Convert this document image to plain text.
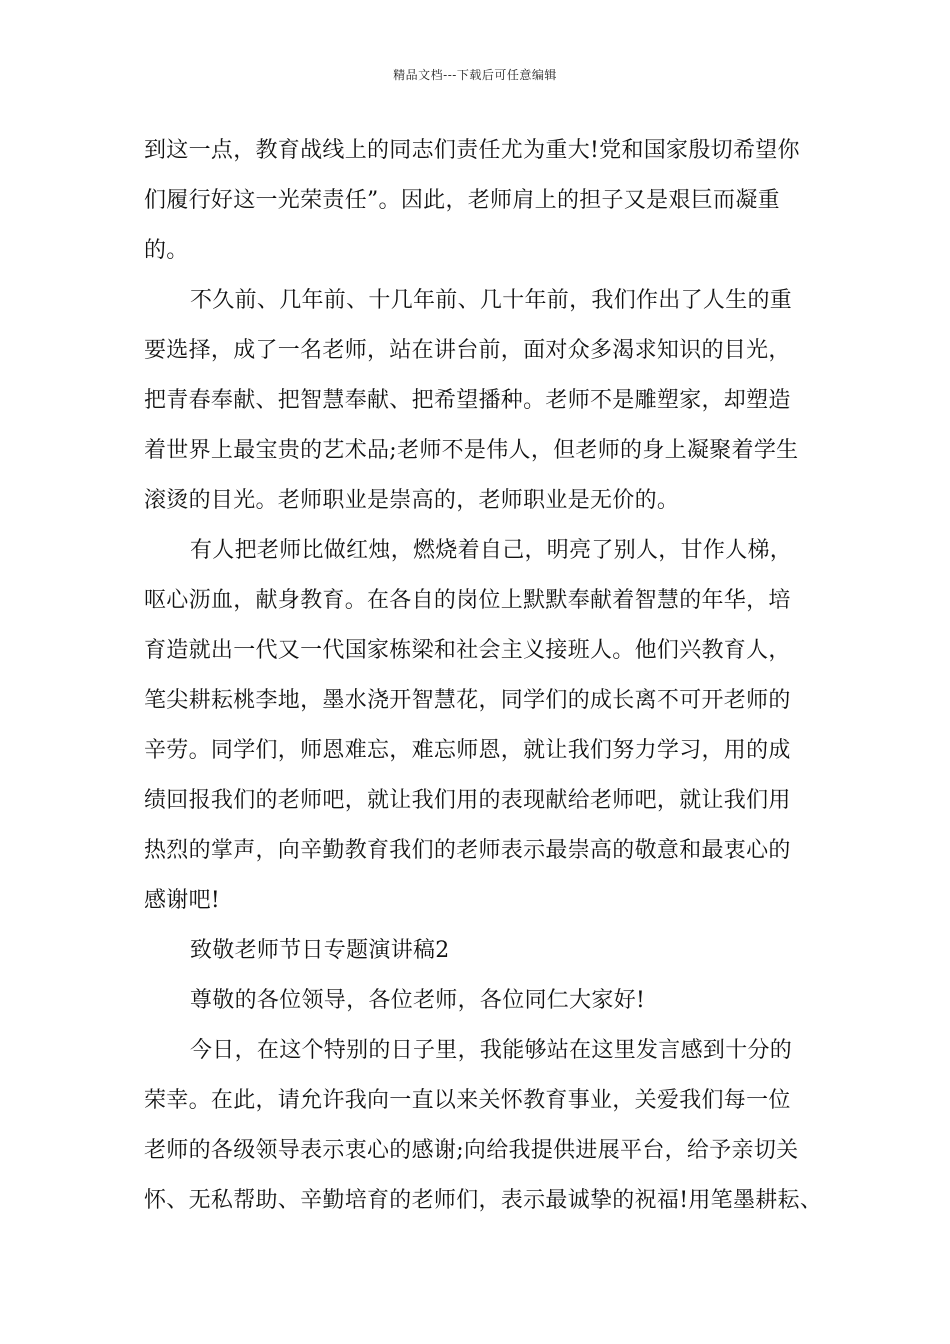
精品文档---下载后可任意编辑
到这一点，教育战线上的同志们责任尤为重大!党和国家殷切希望你
们履行好这一光荣责任”。因此，老师肩上的担子又是艰巨而凝重
的。
不久前、几年前、十几年前、几十年前，我们作出了人生的重
要选择，成了一名老师，站在讲台前，面对众多渴求知识的目光，
把青春奉献、把智慧奉献、把希望播种。老师不是雕塑家，却塑造
着世界上最宝贵的艺术品;老师不是伟人，但老师的身上凝聚着学生
滚烫的目光。老师职业是崇高的，老师职业是无价的。
有人把老师比做红烛，燃烧着自己，明亮了别人，甘作人梯，
呕心沥血，献身教育。在各自的岗位上默默奉献着智慧的年华，培
育造就出一代又一代国家栋梁和社会主义接班人。他们兴教育人，
笔尖耕耘桃李地，墨水浇开智慧花，同学们的成长离不可开老师的
辛劳。同学们，师恩难忘，难忘师恩，就让我们努力学习，用的成
绩回报我们的老师吧，就让我们用的表现献给老师吧，就让我们用
热烈的掌声，向辛勤教育我们的老师表示最崇高的敬意和最衷心的
感谢吧!
致敬老师节日专题演讲稿2
尊敬的各位领导，各位老师，各位同仁大家好!
今日，在这个特别的日子里，我能够站在这里发言感到十分的
荣幸。在此，请允许我向一直以来关怀教育事业，关爱我们每一位
老师的各级领导表示衷心的感谢;向给我提供进展平台，给予亲切关
怀、无私帮助、辛勤培育的老师们，表示最诚挚的祝福!用笔墨耕耘、
